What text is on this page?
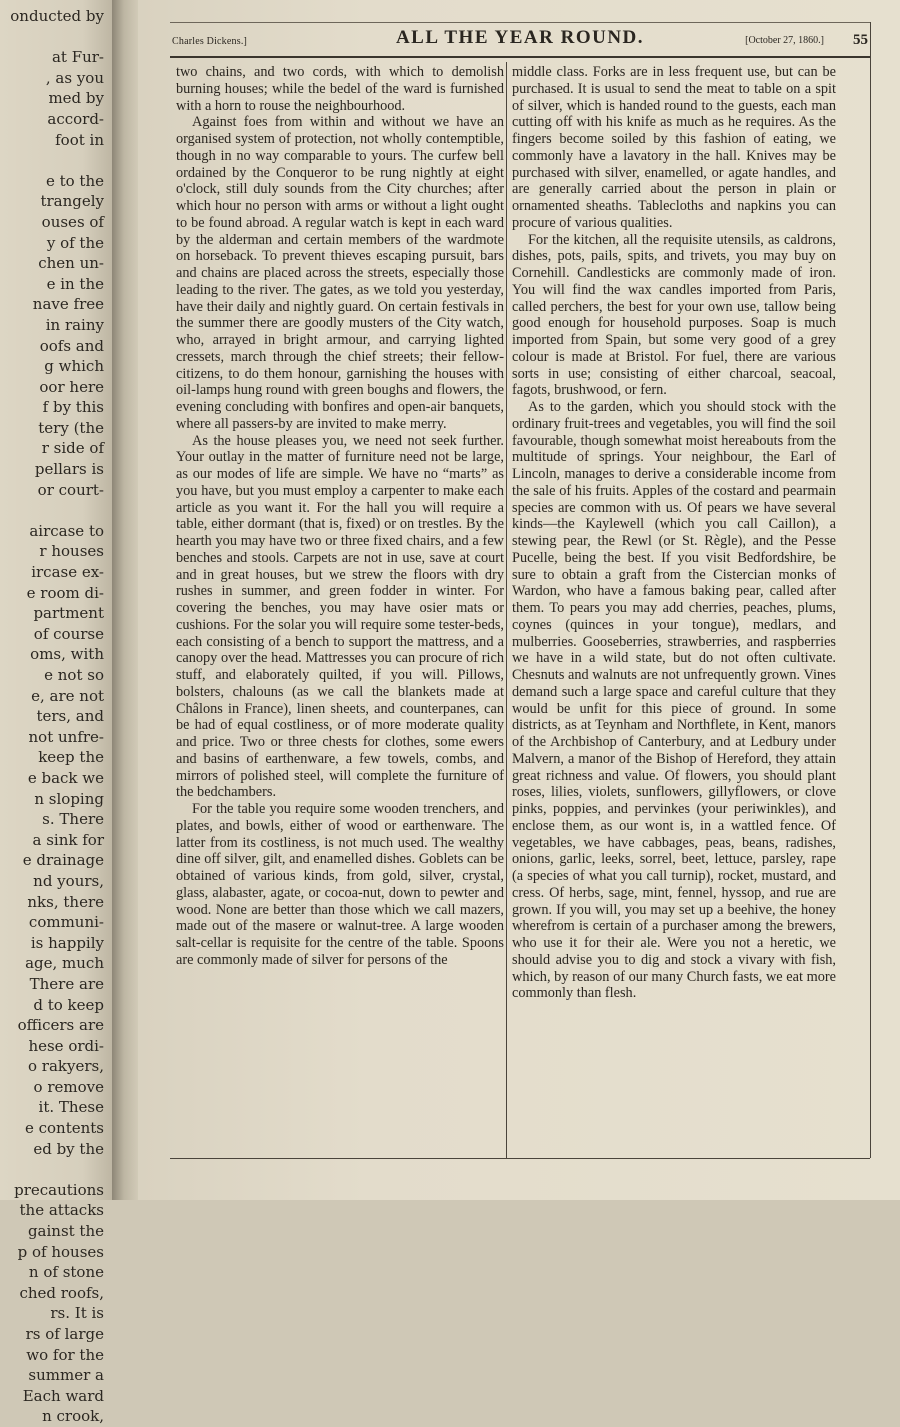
onducted by

at Fur-
, as you
med by
accord-
foot in

e to the
trangely
ouses of
y of the
chen un-
e in the
nave free
in rainy
oofs and
g which
oor here
f by this
tery (the
r side of
pellars is
or court-

aircase to
r houses
ircase ex-
e room di-
partment
of course
oms, with
e not so
e, are not
ters, and
not unfre-
keep the
e back we
n sloping
s. There
a sink for
e drainage
nd yours,
nks, there
communi-
is happily
age, much
There are
d to keep
officers are
hese ordi-
o rakyers,
o remove
it. These
e contents
ed by the

precautions
the attacks
gainst the
p of houses
n of stone
ched roofs,
rs. It is
rs of large
wo for the
summer a
Each ward
n crook,
Charles Dickens.]	ALL THE YEAR ROUND.	[October 27, 1860.] 55

two chains, and two cords, with which to demolish burning houses; while the bedel of the ward is furnished with a horn to rouse the neighbourhood.

Against foes from within and without we have an organised system of protection, not wholly contemptible, though in no way comparable to yours. The curfew bell ordained by the Conqueror to be rung nightly at eight o'clock, still duly sounds from the City churches; after which hour no person with arms or without a light ought to be found abroad. A regular watch is kept in each ward by the alderman and certain members of the wardmote on horseback. To prevent thieves escaping pursuit, bars and chains are placed across the streets, especially those leading to the river. The gates, as we told you yesterday, have their daily and nightly guard. On certain festivals in the summer there are goodly musters of the City watch, who, arrayed in bright armour, and carrying lighted cressets, march through the chief streets; their fellow-citizens, to do them honour, garnishing the houses with oil-lamps hung round with green boughs and flowers, the evening concluding with bonfires and open-air banquets, where all passers-by are invited to make merry.

As the house pleases you, we need not seek further. Your outlay in the matter of furniture need not be large, as our modes of life are simple. We have no “marts” as you have, but you must employ a carpenter to make each article as you want it. For the hall you will require a table, either dormant (that is, fixed) or on trestles. By the hearth you may have two or three fixed chairs, and a few benches and stools. Carpets are not in use, save at court and in great houses, but we strew the floors with dry rushes in summer, and green fodder in winter. For covering the benches, you may have osier mats or cushions. For the solar you will require some tester-beds, each consisting of a bench to support the mattress, and a canopy over the head. Mattresses you can procure of rich stuff, and elaborately quilted, if you will. Pillows, bolsters, chalouns (as we call the blankets made at Châlons in France), linen sheets, and counterpanes, can be had of equal costliness, or of more moderate quality and price. Two or three chests for clothes, some ewers and basins of earthenware, a few towels, combs, and mirrors of polished steel, will complete the furniture of the bedchambers.

For the table you require some wooden trenchers, and plates, and bowls, either of wood or earthenware. The latter from its costliness, is not much used. The wealthy dine off silver, gilt, and enamelled dishes. Goblets can be obtained of various kinds, from gold, silver, crystal, glass, alabaster, agate, or cocoa-nut, down to pewter and wood. None are better than those which we call mazers, made out of the masere or walnut-tree. A large wooden salt-cellar is requisite for the centre of the table. Spoons are commonly made of silver for persons of the

middle class. Forks are in less frequent use, but can be purchased. It is usual to send the meat to table on a spit of silver, which is handed round to the guests, each man cutting off with his knife as much as he requires. As the fingers become soiled by this fashion of eating, we commonly have a lavatory in the hall. Knives may be purchased with silver, enamelled, or agate handles, and are generally carried about the person in plain or ornamented sheaths. Tablecloths and napkins you can procure of various qualities.

For the kitchen, all the requisite utensils, as caldrons, dishes, pots, pails, spits, and trivets, you may buy on Cornehill. Candlesticks are commonly made of iron. You will find the wax candles imported from Paris, called perchers, the best for your own use, tallow being good enough for household purposes. Soap is much imported from Spain, but some very good of a grey colour is made at Bristol. For fuel, there are various sorts in use; consisting of either charcoal, seacoal, fagots, brushwood, or fern.

As to the garden, which you should stock with the ordinary fruit-trees and vegetables, you will find the soil favourable, though somewhat moist hereabouts from the multitude of springs. Your neighbour, the Earl of Lincoln, manages to derive a considerable income from the sale of his fruits. Apples of the costard and pearmain species are common with us. Of pears we have several kinds—the Kaylewell (which you call Caillon), a stewing pear, the Rewl (or St. Règle), and the Pesse Pucelle, being the best. If you visit Bedfordshire, be sure to obtain a graft from the Cistercian monks of Wardon, who have a famous baking pear, called after them. To pears you may add cherries, peaches, plums, coynes (quinces in your tongue), medlars, and mulberries. Gooseberries, strawberries, and raspberries we have in a wild state, but do not often cultivate. Chesnuts and walnuts are not unfrequently grown. Vines demand such a large space and careful culture that they would be unfit for this piece of ground. In some districts, as at Teynham and Northflete, in Kent, manors of the Archbishop of Canterbury, and at Ledbury under Malvern, a manor of the Bishop of Hereford, they attain great richness and value. Of flowers, you should plant roses, lilies, violets, sunflowers, gillyflowers, or clove pinks, poppies, and pervinkes (your periwinkles), and enclose them, as our wont is, in a wattled fence. Of vegetables, we have cabbages, peas, beans, radishes, onions, garlic, leeks, sorrel, beet, lettuce, parsley, rape (a species of what you call turnip), rocket, mustard, and cress. Of herbs, sage, mint, fennel, hyssop, and rue are grown. If you will, you may set up a beehive, the honey wherefrom is certain of a purchaser among the brewers, who use it for their ale. Were you not a heretic, we should advise you to dig and stock a vivary with fish, which, by reason of our many Church fasts, we eat more commonly than flesh.
